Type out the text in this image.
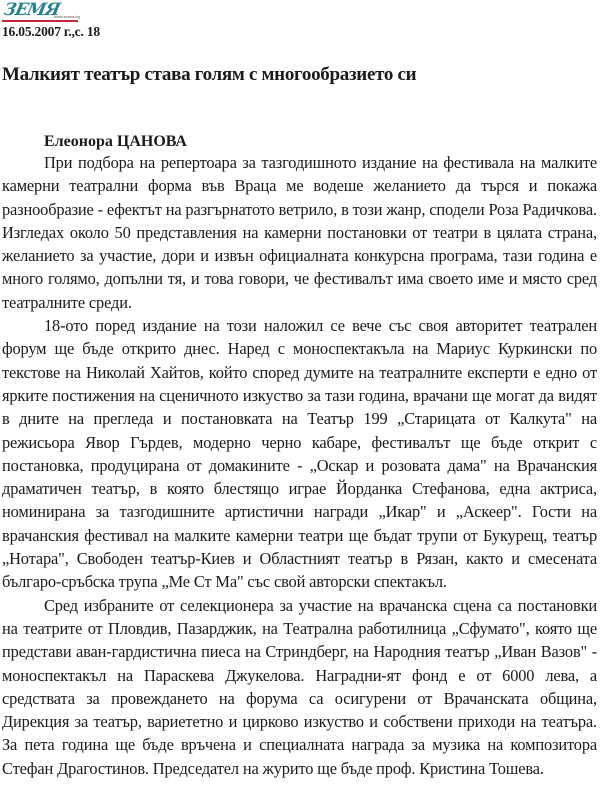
ЗЕМЯ
www.zemia.bg
16.05.2007 г.,с. 18
Малкият театър става голям с многообразието си
Елеонора ЦАНОВА

При подбора на репертоара за тазгодишното издание на фестивала на малките камерни театрални форма във Враца ме водеше желанието да търся и покажа разнообразие - ефектът на разгърнатото ветрило, в този жанр, сподели Роза Радичкова. Изгледах около 50 представления на камерни постановки от театри в цялата страна, желанието за участие, дори и извън официалната конкурсна програма, тази година е много голямо, допълни тя, и това говори, че фестивалът има своето име и място сред театралните среди.

18-ото поред издание на този наложил се вече със своя авторитет театрален форум ще бъде открито днес. Наред с моноспектакъла на Мариус Куркински по текстове на Николай Хайтов, който според думите на театралните експерти е едно от ярките постижения на сценичното изкуство за тази година, врачани ще могат да видят в дните на прегледа и постановката на Театър 199 „Старицата от Калкута" на режисьора Явор Гърдев, модерно черно кабаре, фестивалът ще бъде открит с постановка, продуцирана от домакините - „Оскар и розовата дама" на Врачанския драматичен театър, в която блестящо играе Йорданка Стефанова, една актриса, номинирана за тазгодишните артистични награди „Икар" и „Аскеер". Гости на врачанския фестивал на малките камерни театри ще бъдат трупи от Букурещ, театър „Нотара", Свободен театър-Киев и Областният театър в Рязан, както и смесената българо-сръбска трупа „Ме Ст Ма" със свой авторски спектакъл.

Сред избраните от селекционера за участие на врачанска сцена са постановки на театрите от Пловдив, Пазарджик, на Театрална работилница „Сфумато", която ще представи аван-гардистична пиеса на Стриндберг, на Народния театър „Иван Вазов" - моноспектакъл на Параскева Джукелова. Наградни-ят фонд е от 6000 лева, а средствата за провеждането на форума са осигурени от Врачанската община, Дирекция за театър, вариететно и цирково изкуство и собствени приходи на театъра. За пета година ще бъде връчена и специалната награда за музика на композитора Стефан Драгостинов. Председател на журито ще бъде проф. Кристина Тошева.
